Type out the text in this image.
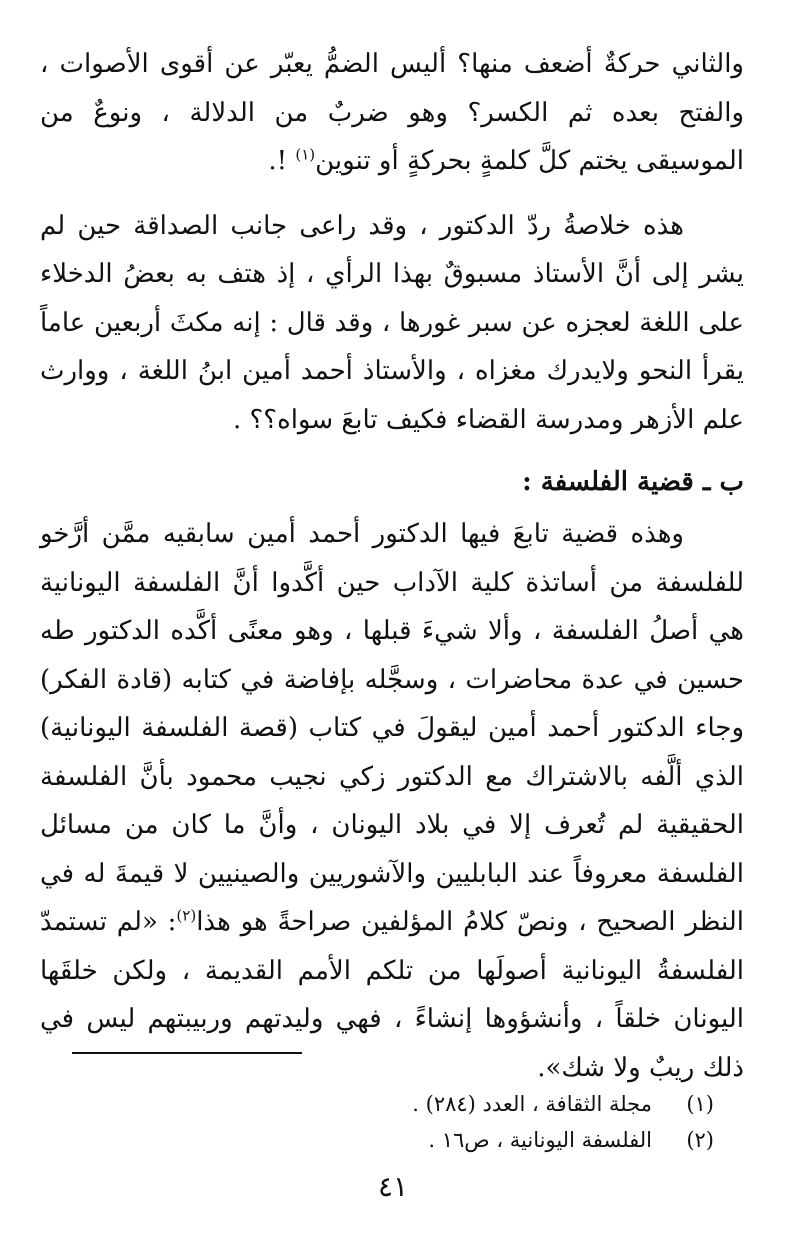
والثاني حركةٌ أضعف منها؟ أليس الضمُّ يعبّر عن أقوى الأصوات ، والفتح بعده ثم الكسر؟ وهو ضربٌ من الدلالة ، ونوعٌ من الموسيقى يختم كلَّ كلمةٍ بحركةٍ أو تنوين$^{(١)}$ !.

هذه خلاصةُ ردّ الدكتور ، وقد راعى جانب الصداقة حين لم يشر إلى أنَّ الأستاذ مسبوقٌ بهذا الرأي ، إذ هتف به بعضُ الدخلاء على اللغة لعجزه عن سبر غورها ، وقد قال : إنه مكثَ أربعين عاماً يقرأ النحو ولايدرك مغزاه ، والأستاذ أحمد أمين ابنُ اللغة ، ووارث علم الأزهر ومدرسة القضاء فكيف تابعَ سواه؟؟ .

ب ـ قضية الفلسفة :

وهذه قضية تابعَ فيها الدكتور أحمد أمين سابقيه ممَّن أرَّخو للفلسفة من أساتذة كلية الآداب حين أكَّدوا أنَّ الفلسفة اليونانية هي أصلُ الفلسفة ، وألا شيءَ قبلها ، وهو معنًى أكَّده الدكتور طه حسين في عدة محاضرات ، وسجَّله بإفاضة في كتابه (قادة الفكر) وجاء الدكتور أحمد أمين ليقولَ في كتاب (قصة الفلسفة اليونانية) الذي ألَّفه بالاشتراك مع الدكتور زكي نجيب محمود بأنَّ الفلسفة الحقيقية لم تُعرف إلا في بلاد اليونان ، وأنَّ ما كان من مسائل الفلسفة معروفاً عند البابليين والآشوريين والصينيين لا قيمةَ له في النظر الصحيح ، ونصّ كلامُ المؤلفين صراحةً هو هذا$^{(٢)}$: «لم تستمدّ الفلسفةُ اليونانية أصولَها من تلكم الأمم القديمة ، ولكن خلقَها اليونان خلقاً ، وأنشؤوها إنشاءً ، فهي وليدتهم وربيبتهم ليس في ذلك ريبٌ ولا شك».

(١)
مجلة الثقافة ، العدد (٢٨٤) .
(٢)
الفلسفة اليونانية ، ص١٦ .
٤١
